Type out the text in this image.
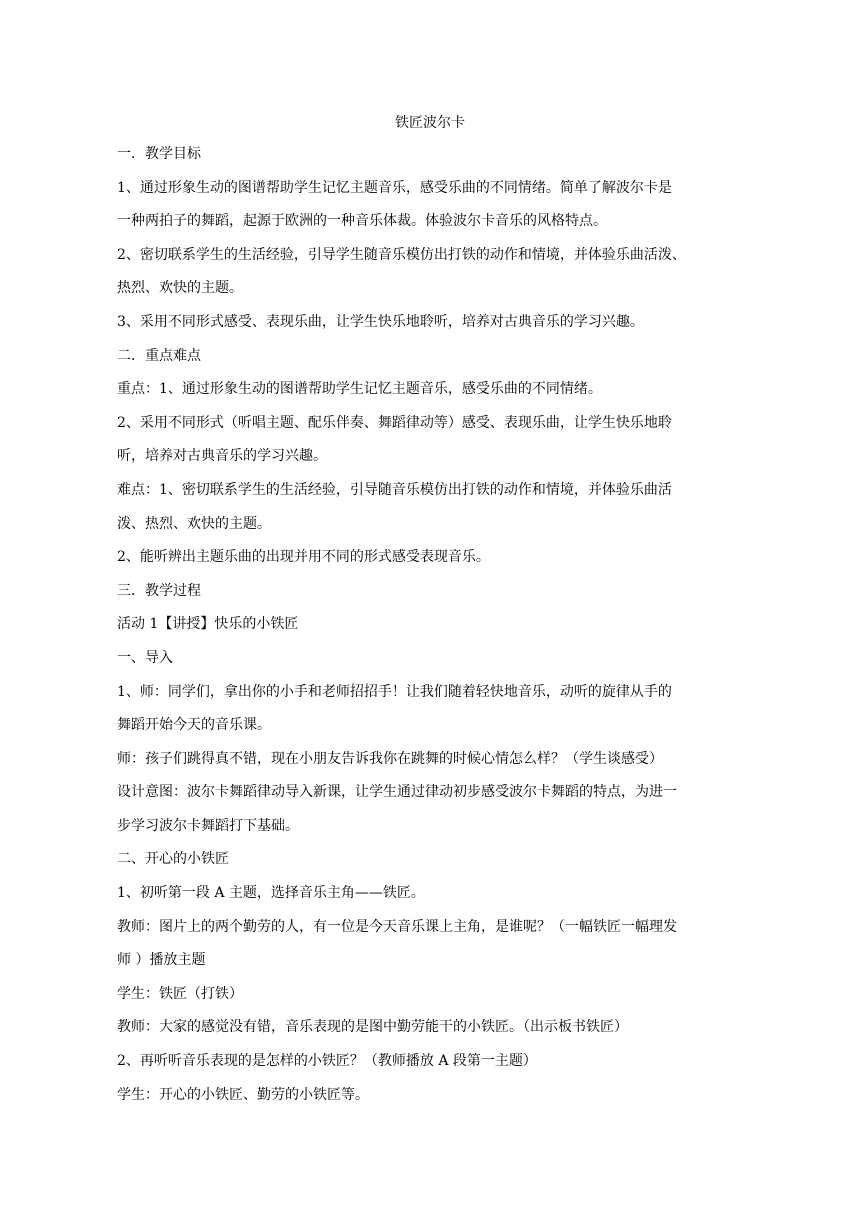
铁匠波尔卡
一．教学目标
1、通过形象生动的图谱帮助学生记忆主题音乐，感受乐曲的不同情绪。简单了解波尔卡是
一种两拍子的舞蹈，起源于欧洲的一种音乐体裁。体验波尔卡音乐的风格特点。
2、密切联系学生的生活经验，引导学生随音乐模仿出打铁的动作和情境，并体验乐曲活泼、
热烈、欢快的主题。
3、采用不同形式感受、表现乐曲，让学生快乐地聆听，培养对古典音乐的学习兴趣。
二．重点难点
重点：1、通过形象生动的图谱帮助学生记忆主题音乐，感受乐曲的不同情绪。
2、采用不同形式（听唱主题、配乐伴奏、舞蹈律动等）感受、表现乐曲，让学生快乐地聆
听，培养对古典音乐的学习兴趣。
难点：1、密切联系学生的生活经验，引导随音乐模仿出打铁的动作和情境，并体验乐曲活
泼、热烈、欢快的主题。
2、能听辨出主题乐曲的出现并用不同的形式感受表现音乐。
三．教学过程
活动 1【讲授】快乐的小铁匠
一、导入
1、师：同学们，拿出你的小手和老师招招手！让我们随着轻快地音乐，动听的旋律从手的
舞蹈开始今天的音乐课。
师：孩子们跳得真不错，现在小朋友告诉我你在跳舞的时候心情怎么样？（学生谈感受）
设计意图：波尔卡舞蹈律动导入新课，让学生通过律动初步感受波尔卡舞蹈的特点，为进一
步学习波尔卡舞蹈打下基础。
二、开心的小铁匠
1、初听第一段 A 主题，选择音乐主角——铁匠。
教师：图片上的两个勤劳的人，有一位是今天音乐课上主角，是谁呢？（一幅铁匠一幅理发
师 ）播放主题
学生：铁匠（打铁）
教师：大家的感觉没有错，音乐表现的是图中勤劳能干的小铁匠。（出示板书铁匠）
2、再听听音乐表现的是怎样的小铁匠？（教师播放 A 段第一主题）
学生：开心的小铁匠、勤劳的小铁匠等。
